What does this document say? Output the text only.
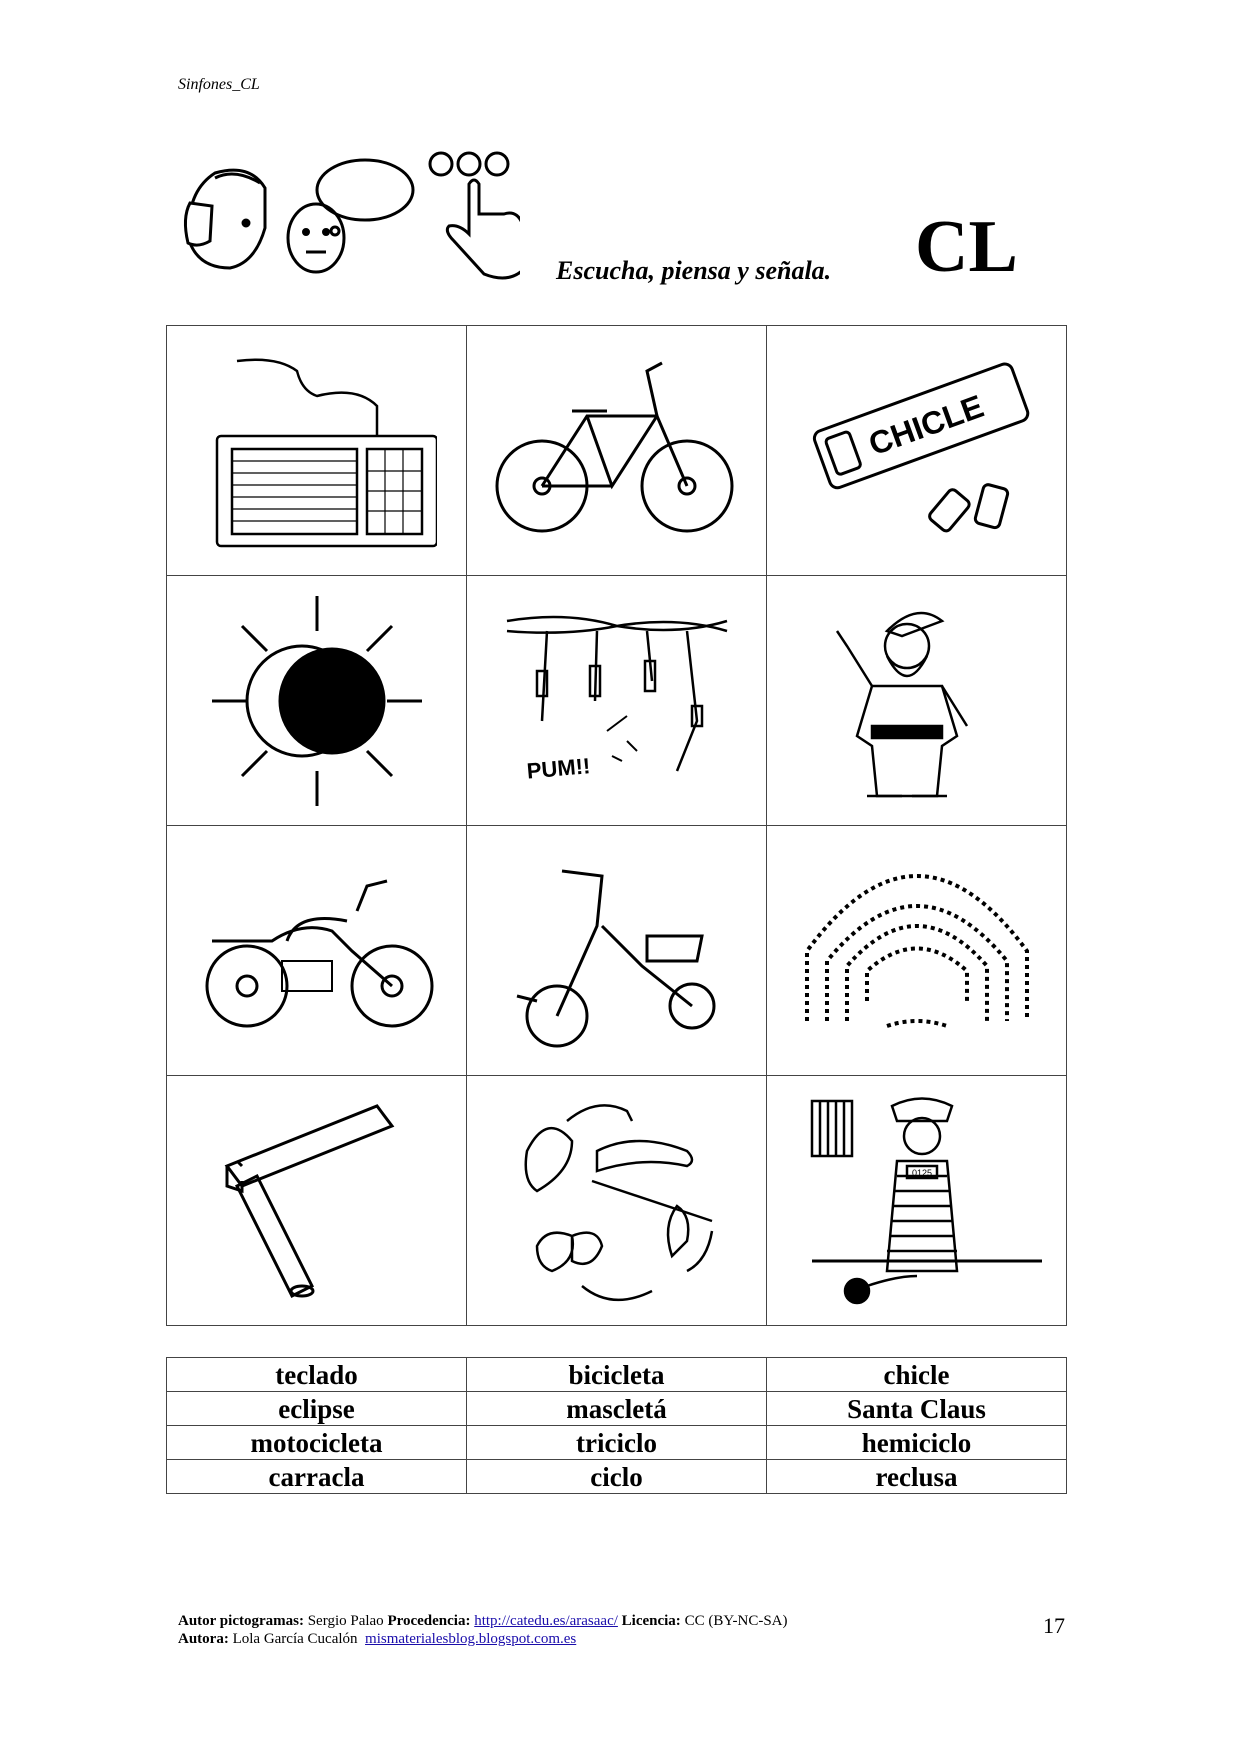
Sinfones_CL
Escucha, piensa y señala. CL

CHICLE

PUM!!

0125
teclado	bicicleta	chicle
eclipse	mascletá	Santa Claus
motocicleta	triciclo	hemiciclo
carracla	ciclo	reclusa
Autor pictogramas: Sergio Palao Procedencia: http://catedu.es/arasaac/ Licencia: CC (BY-NC-SA)
Autora: Lola García Cucalón mismaterialesblog.blogspot.com.es
17
